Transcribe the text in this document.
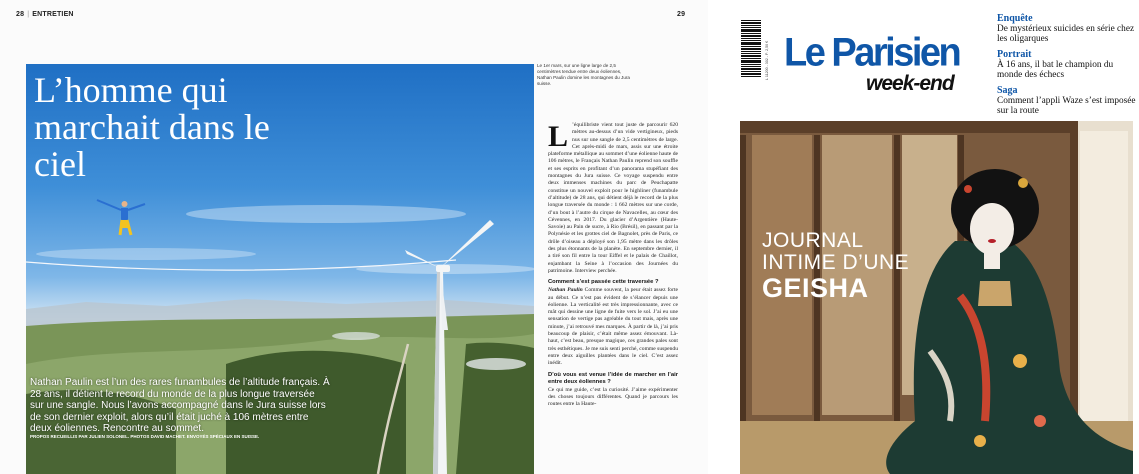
28 | ENTRETIEN	29
L’homme qui marchait dans le ciel
Nathan Paulin est l’un des rares funambules de l’altitude français. À 28 ans, il détient le record du monde de la plus longue traversée sur une sangle. Nous l’avons accompagné dans le Jura suisse lors de son dernier exploit, alors qu’il était juché à 106 mètres entre deux éoliennes. Rencontre au sommet.
PROPOS RECUEILLIS PAR JULIEN SOLONEL. PHOTOS DAVID MACHET. ENVOYÉS SPÉCIAUX EN SUISSE.
Le 1er mars, sur une ligne large de 2,5 centimètres tendue entre deux éoliennes, Nathan Paulin domine les montagnes du Jura suisse.

L ’équilibriste vient tout juste de parcourir 620 mètres au-dessus d’un vide vertigineux, pieds nus sur une sangle de 2,5 centimètres de large. Cet après-midi de mars, assis sur une étroite plateforme métallique au sommet d’une éolienne haute de 106 mètres, le Français Nathan Paulin reprend son souffle et ses esprits en profitant d’un panorama stupéfiant des montagnes du Jura suisse. Ce voyage suspendu entre deux immenses machines du parc de Peuchapatte constitue un nouvel exploit pour le highliner (funambule d’altitude) de 28 ans, qui détient déjà le record de la plus longue traversée du monde : 1 662 mètres sur une corde, d’un bout à l’autre du cirque de Navacelles, au cœur des Cévennes, en 2017. Du glacier d’Argentière (Haute-Savoie) au Pain de sucre, à Rio (Brésil), en passant par la Polynésie et les grottes ciel de Bagnolet, près de Paris, ce drôle d’oiseau a déployé son 1,95 mètre dans les drôles des plus étonnants de la planète. En septembre dernier, il a tiré son fil entre la tour Eiffel et le palais de Chaillot, enjambant la Seine à l’occasion des Journées du patrimoine. Interview perchée.

Comment s’est passée cette traversée ?

Nathan Paulin Comme souvent, la peur était assez forte au début. Ce n’est pas évident de s’élancer depuis une éolienne. La verticalité est très impressionnante, avec ce mât qui dessine une ligne de fuite vers le sol. J’ai eu une sensation de vertige pas agréable du tout mais, après une minute, j’ai retrouvé mes marques. À partir de là, j’ai pris beaucoup de plaisir, c’était même assez émouvant. Là-haut, c’est beau, presque magique, ces grandes pales sont très esthétiques. Je me suis senti perché, comme suspendu entre deux aiguilles plantées dans le ciel. C’est assez inédit.

D’où vous est venue l’idée de marcher en l’air entre deux éoliennes ?

Ce qui me guide, c’est la curiosité. J’aime expérimenter des choses toujours différentes. Quand je parcours les routes entre la Haute-

L 11200 - 302 - F: 2,50 € Le Parisien
week-end
Enquête
De mystérieux suicides en série chez les oligarques
Portrait
À 16 ans, il bat le champion du monde des échecs
Saga
Comment l’appli Waze s’est imposée sur la route
JOURNAL
INTIME D’UNE
GEISHA
